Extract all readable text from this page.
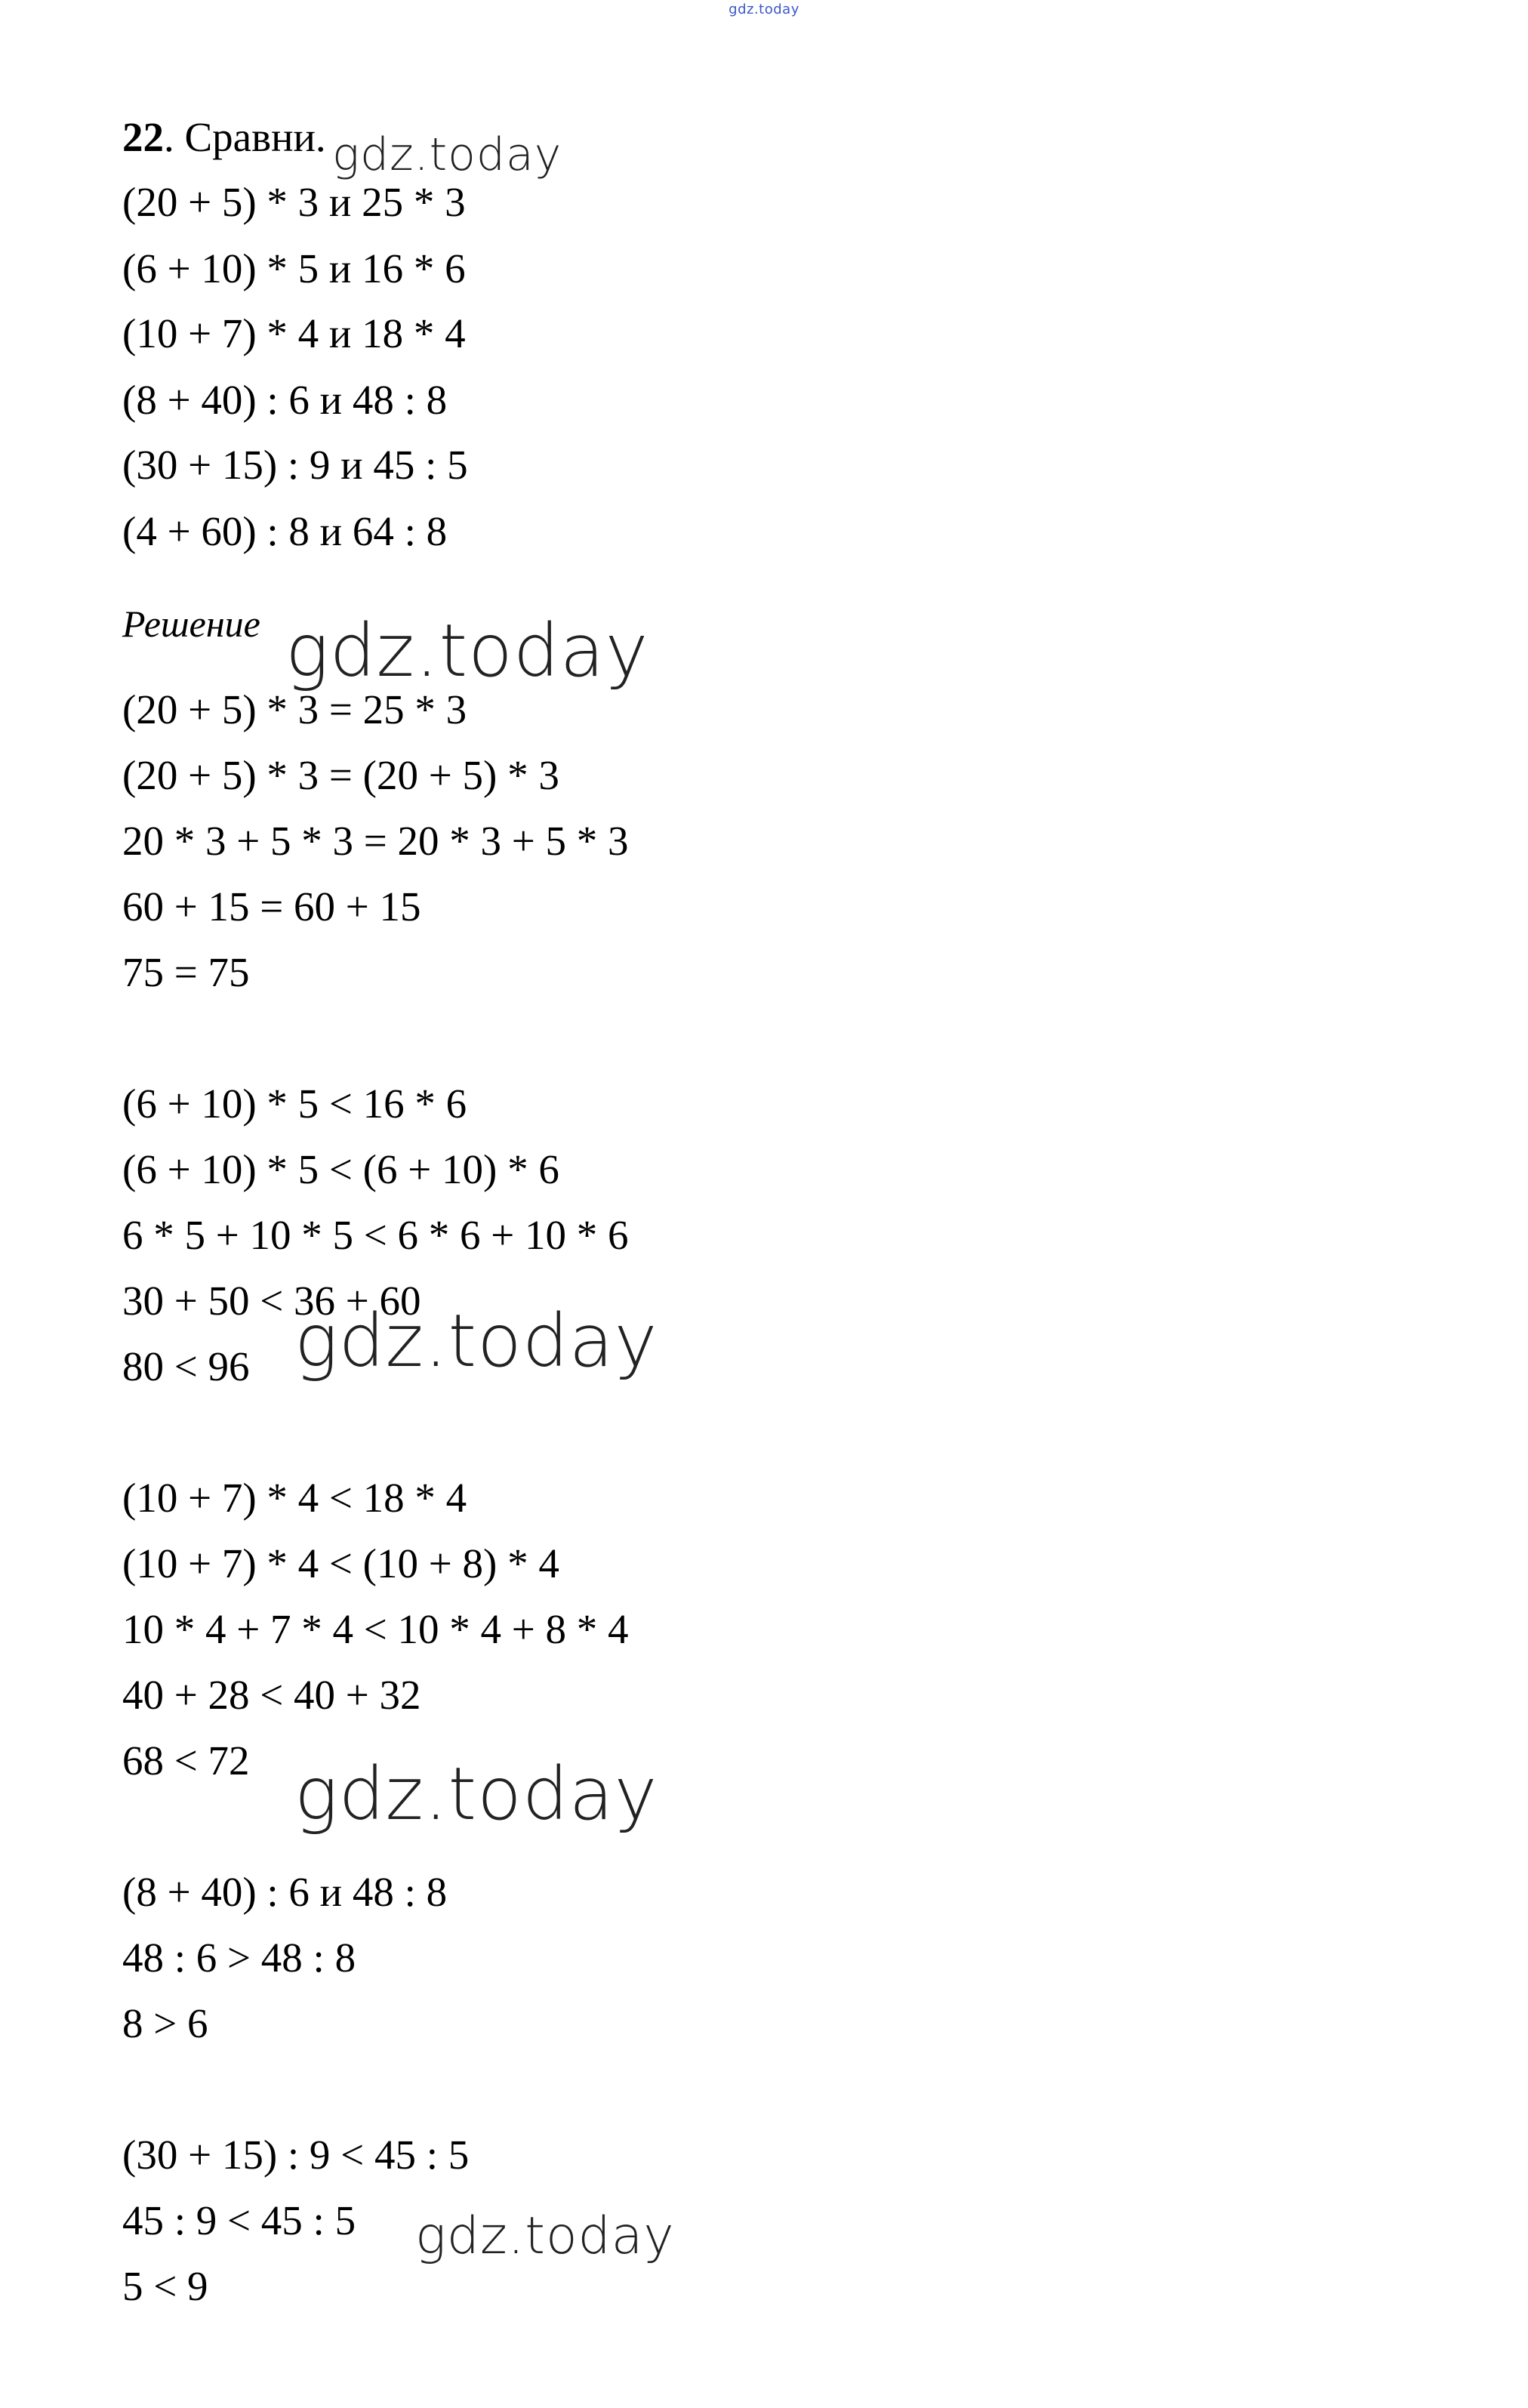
gdz.today
22. Сравни.
(20 + 5) * 3 и 25 * 3
(6 + 10) * 5 и 16 * 6
(10 + 7) * 4 и 18 * 4
(8 + 40) : 6 и 48 : 8
(30 + 15) : 9 и 45 : 5
(4 + 60) : 8 и 64 : 8
Решение
(20 + 5) * 3 = 25 * 3
(20 + 5) * 3 = (20 + 5) * 3
20 * 3 + 5 * 3 = 20 * 3 + 5 * 3
60 + 15 = 60 + 15
75 = 75
(6 + 10) * 5 < 16 * 6
(6 + 10) * 5 < (6 + 10) * 6
6 * 5 + 10 * 5 < 6 * 6 + 10 * 6
30 + 50 < 36 + 60
80 < 96
(10 + 7) * 4 < 18 * 4
(10 + 7) * 4 < (10 + 8) * 4
10 * 4 + 7 * 4 < 10 * 4 + 8 * 4
40 + 28 < 40 + 32
68 < 72
(8 + 40) : 6 и 48 : 8
48 : 6 > 48 : 8
8 > 6
(30 + 15) : 9 < 45 : 5
45 : 9 < 45 : 5
5 < 9
gdz.today
gdz.today
gdz.today
gdz.today
gdz.today
